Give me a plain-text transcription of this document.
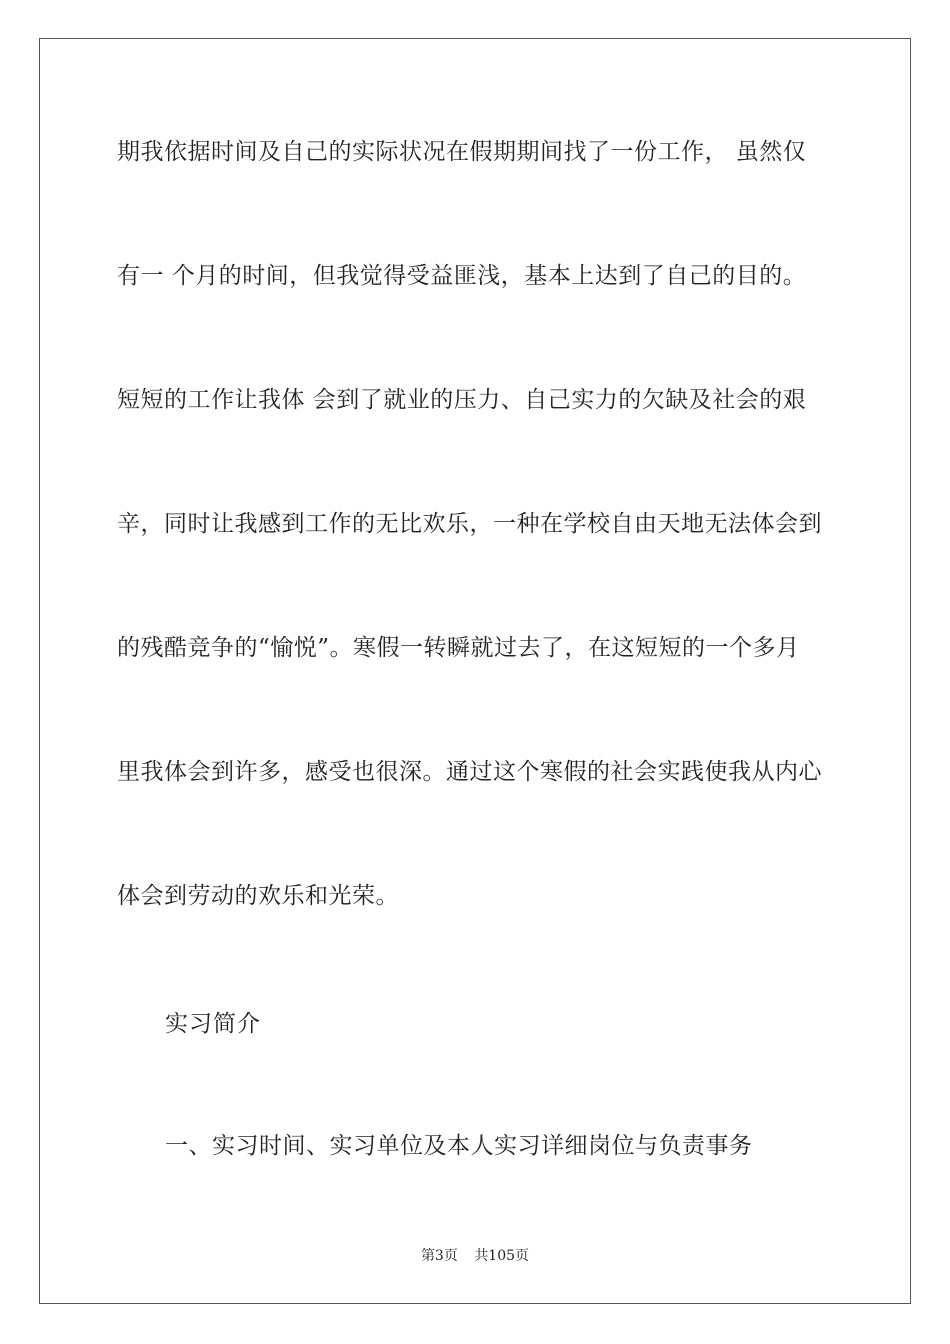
期我依据时间及自己的实际状况在假期期间找了一份工作， 虽然仅
有一 个月的时间，但我觉得受益匪浅，基本上达到了自己的目的。
短短的工作让我体 会到了就业的压力、自己实力的欠缺及社会的艰
辛，同时让我感到工作的无比欢乐，一种在学校自由天地无法体会到
的残酷竞争的“愉悦”。寒假一转瞬就过去了，在这短短的一个多月
里我体会到许多，感受也很深。通过这个寒假的社会实践使我从内心
体会到劳动的欢乐和光荣。
实习简介
一、实习时间、实习单位及本人实习详细岗位与负责事务
第3页 共105页
